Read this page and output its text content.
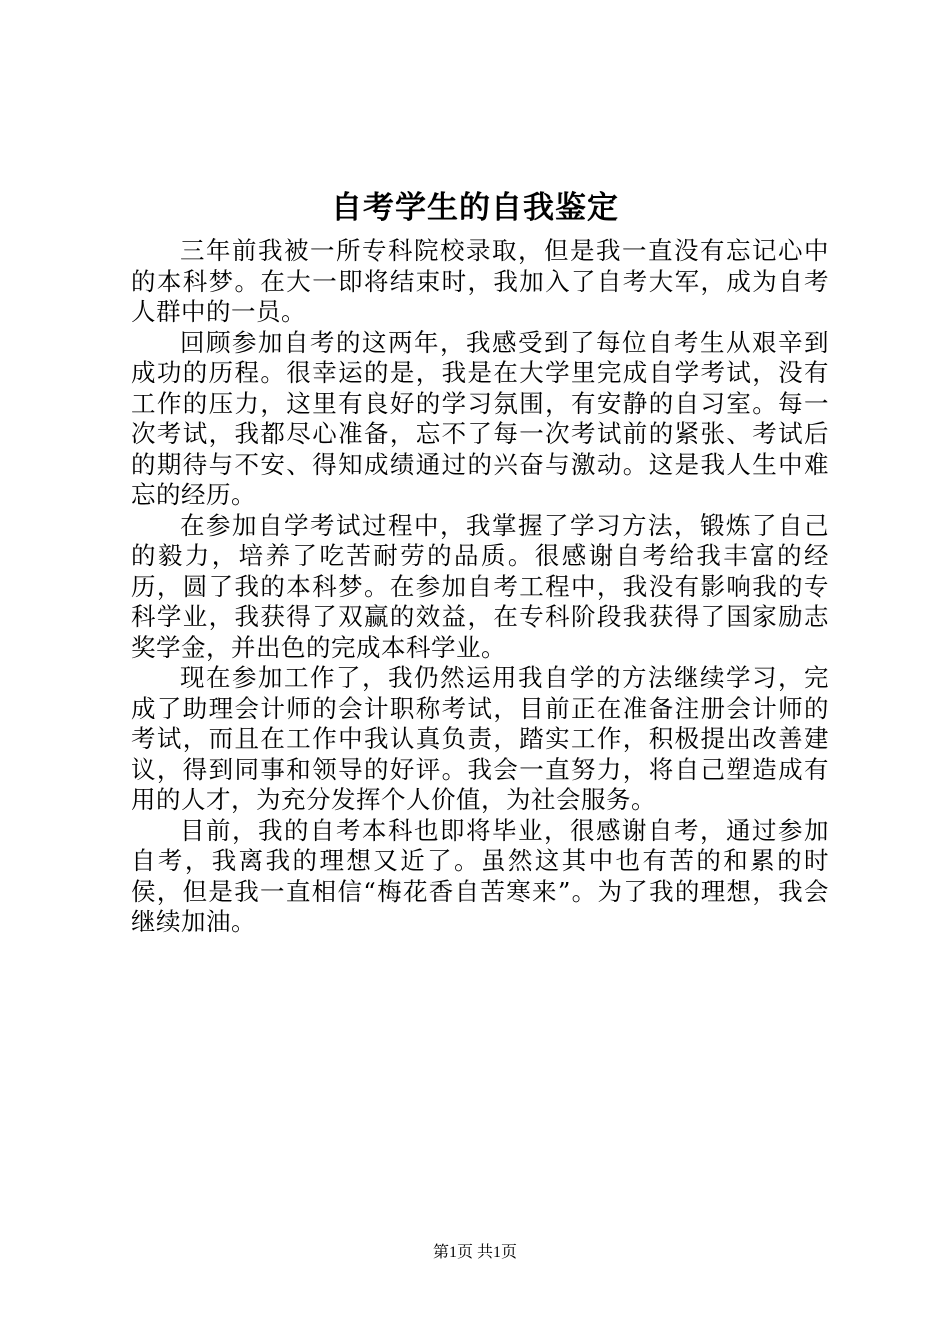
自考学生的自我鉴定

三年前我被一所专科院校录取，但是我一直没有忘记心中的本科梦。在大一即将结束时，我加入了自考大军，成为自考人群中的一员。

回顾参加自考的这两年，我感受到了每位自考生从艰辛到成功的历程。很幸运的是，我是在大学里完成自学考试，没有工作的压力，这里有良好的学习氛围，有安静的自习室。每一次考试，我都尽心准备，忘不了每一次考试前的紧张、考试后的期待与不安、得知成绩通过的兴奋与激动。这是我人生中难忘的经历。

在参加自学考试过程中，我掌握了学习方法，锻炼了自己的毅力，培养了吃苦耐劳的品质。很感谢自考给我丰富的经历，圆了我的本科梦。在参加自考工程中，我没有影响我的专科学业，我获得了双赢的效益，在专科阶段我获得了国家励志奖学金，并出色的完成本科学业。

现在参加工作了，我仍然运用我自学的方法继续学习，完成了助理会计师的会计职称考试，目前正在准备注册会计师的考试，而且在工作中我认真负责，踏实工作，积极提出改善建议，得到同事和领导的好评。我会一直努力，将自己塑造成有用的人才，为充分发挥个人价值，为社会服务。

目前，我的自考本科也即将毕业，很感谢自考，通过参加自考，我离我的理想又近了。虽然这其中也有苦的和累的时侯，但是我一直相信“梅花香自苦寒来”。为了我的理想，我会继续加油。

第1页 共1页
